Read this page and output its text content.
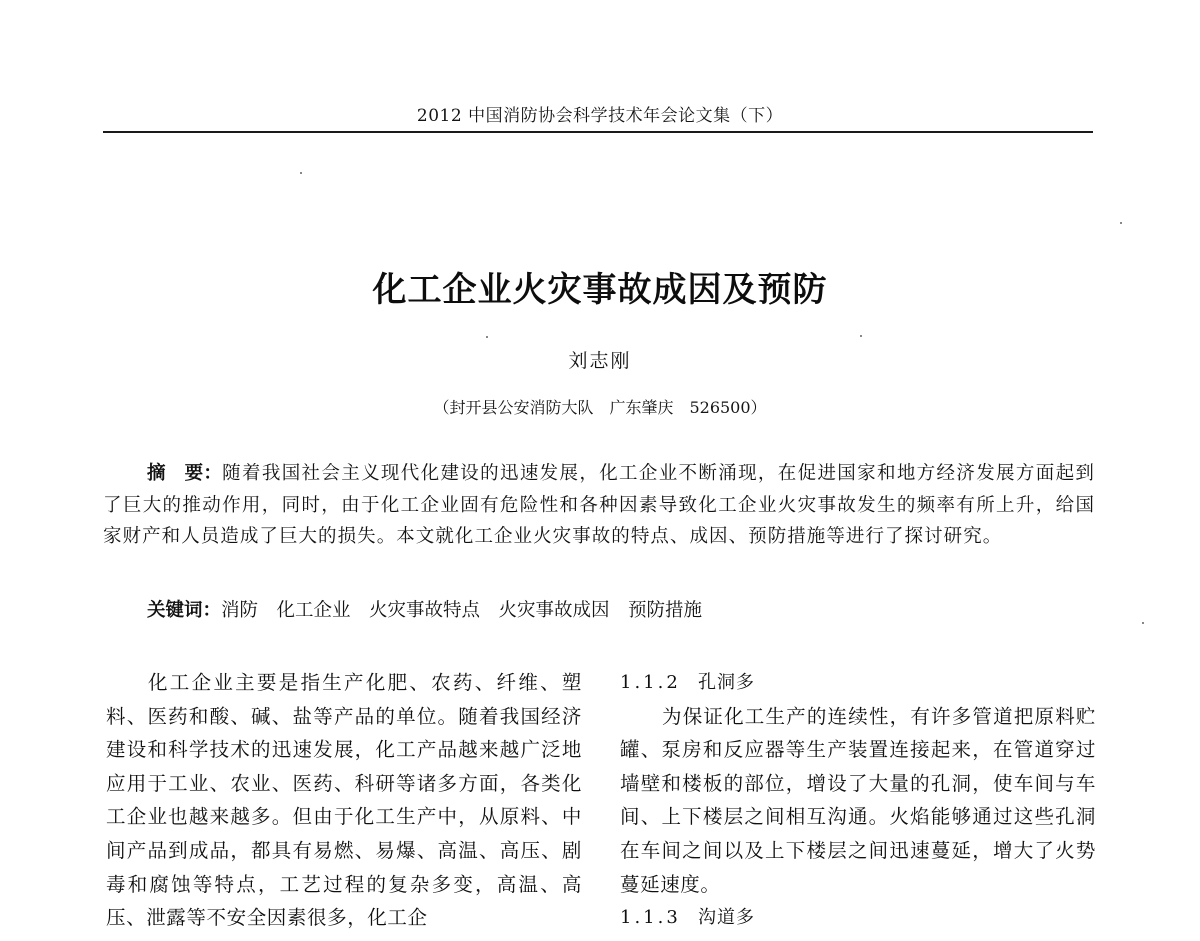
2012 中国消防协会科学技术年会论文集（下）
化工企业火灾事故成因及预防
刘志刚
（封开县公安消防大队　广东肇庆　526500）

摘　要：随着我国社会主义现代化建设的迅速发展，化工企业不断涌现，在促进国家和地方经济发展方面起到了巨大的推动作用，同时，由于化工企业固有危险性和各种因素导致化工企业火灾事故发生的频率有所上升，给国家财产和人员造成了巨大的损失。本文就化工企业火灾事故的特点、成因、预防措施等进行了探讨研究。

关键词：消防　化工企业　火灾事故特点　火灾事故成因　预防措施

化工企业主要是指生产化肥、农药、纤维、塑料、医药和酸、碱、盐等产品的单位。随着我国经济建设和科学技术的迅速发展，化工产品越来越广泛地应用于工业、农业、医药、科研等诸多方面，各类化工企业也越来越多。但由于化工生产中，从原料、中间产品到成品，都具有易燃、易爆、高温、高压、剧毒和腐蚀等特点，工艺过程的复杂多变，高温、高压、泄露等不安全因素很多，化工企

1.1.2 孔洞多

为保证化工生产的连续性，有许多管道把原料贮罐、泵房和反应器等生产装置连接起来，在管道穿过墙壁和楼板的部位，增设了大量的孔洞，使车间与车间、上下楼层之间相互沟通。火焰能够通过这些孔洞在车间之间以及上下楼层之间迅速蔓延，增大了火势蔓延速度。

1.1.3 沟道多
